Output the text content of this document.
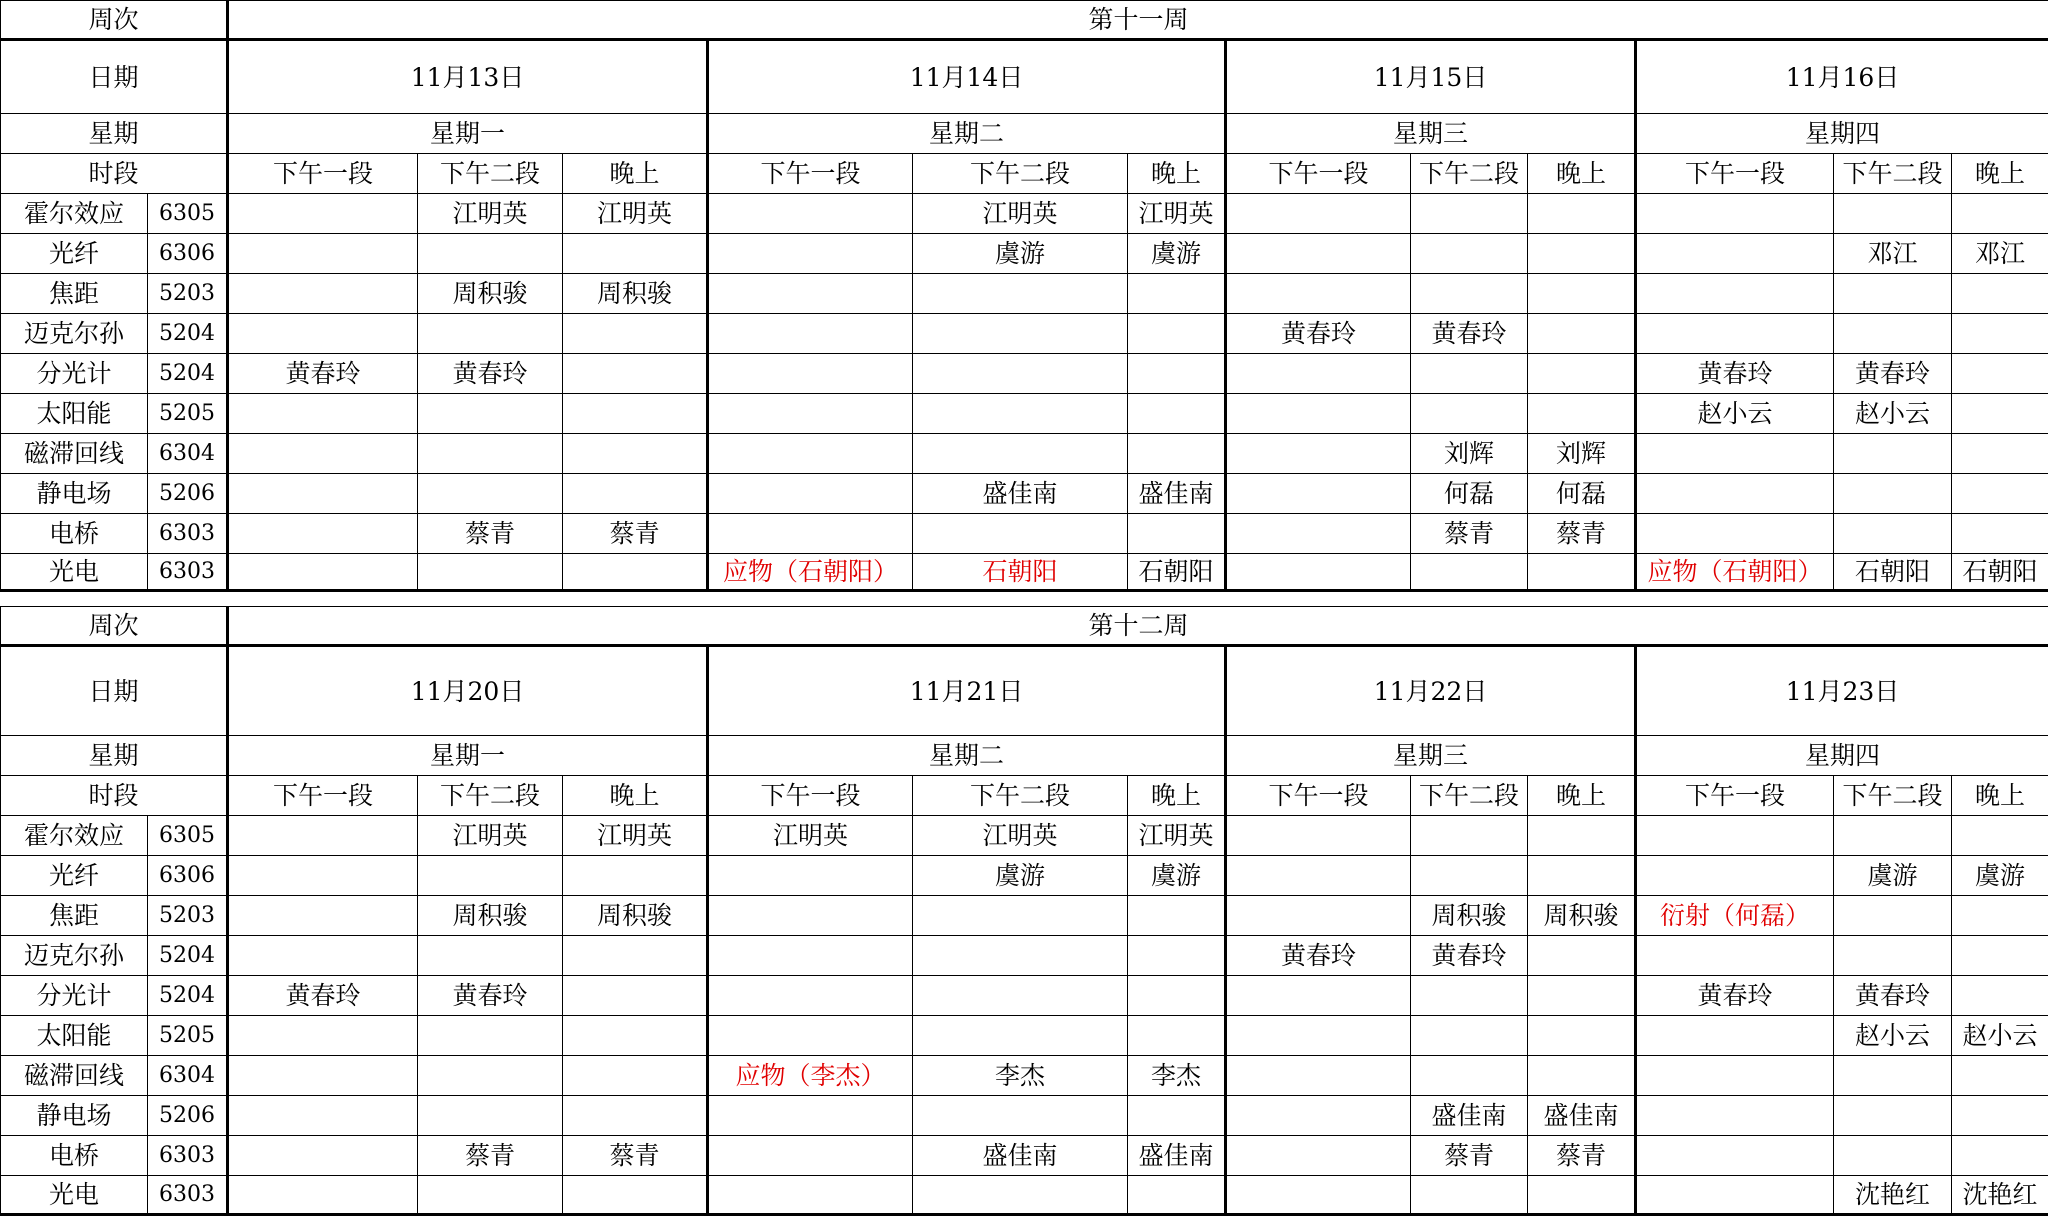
周次		第十一周											
日期		11月13日			11月14日			11月15日			11月16日		
星期		星期一			星期二			星期三			星期四		
时段		下午一段	下午二段	晚上	下午一段	下午二段	晚上	下午一段	下午二段	晚上	下午一段	下午二段	晚上
霍尔效应	6305		江明英	江明英		江明英	江明英						
光纤	6306					虞游	虞游					邓江	邓江
焦距	5203		周积骏	周积骏									
迈克尔孙	5204							黄春玲	黄春玲				
分光计	5204	黄春玲	黄春玲								黄春玲	黄春玲	
太阳能	5205										赵小云	赵小云	
磁滞回线	6304								刘辉	刘辉			
静电场	5206					盛佳南	盛佳南		何磊	何磊			
电桥	6303		蔡青	蔡青					蔡青	蔡青			
光电	6303				应物（石朝阳）	石朝阳	石朝阳				应物（石朝阳）	石朝阳	石朝阳
周次		第十二周											
日期		11月20日			11月21日			11月22日			11月23日		
星期		星期一			星期二			星期三			星期四		
时段		下午一段	下午二段	晚上	下午一段	下午二段	晚上	下午一段	下午二段	晚上	下午一段	下午二段	晚上
霍尔效应	6305		江明英	江明英	江明英	江明英	江明英						
光纤	6306					虞游	虞游					虞游	虞游
焦距	5203		周积骏	周积骏					周积骏	周积骏	衍射（何磊）		
迈克尔孙	5204							黄春玲	黄春玲				
分光计	5204	黄春玲	黄春玲								黄春玲	黄春玲	
太阳能	5205											赵小云	赵小云
磁滞回线	6304				应物（李杰）	李杰	李杰						
静电场	5206								盛佳南	盛佳南			
电桥	6303		蔡青	蔡青		盛佳南	盛佳南		蔡青	蔡青			
光电	6303											沈艳红	沈艳红
